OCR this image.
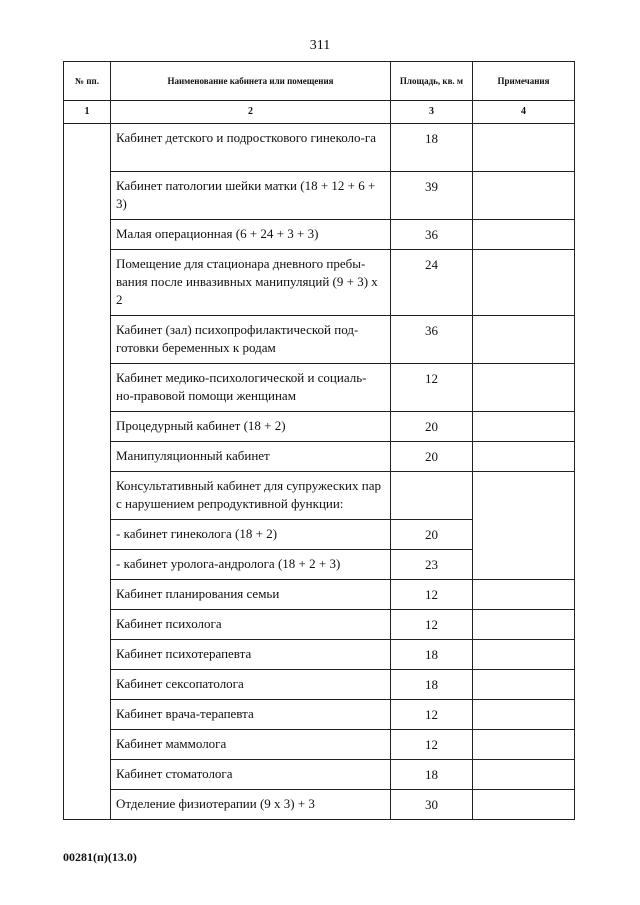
311
№ пп.	Наименование кабинета или помещения	Площадь, кв. м	Примечания
1	2	3	4
	Кабинет детского и подросткового гинеколо-га	18	
	Кабинет патологии шейки матки (18 + 12 + 6 + 3)	39	
	Малая операционная (6 + 24 + 3 + 3)	36	
	Помещение для стационара дневного пребы-вания после инвазивных манипуляций (9 + 3) х 2	24	
	Кабинет (зал) психопрофилактической под-готовки беременных к родам	36	
	Кабинет медико-психологической и социаль-но-правовой помощи женщинам	12	
	Процедурный кабинет (18 + 2)	20	
	Манипуляционный кабинет	20	
	Консультативный кабинет для супружеских пар с нарушением репродуктивной функции:		
	- кабинет гинеколога (18 + 2)	20	
	- кабинет уролога-андролога (18 + 2 + 3)	23	
	Кабинет планирования семьи	12	
	Кабинет психолога	12	
	Кабинет психотерапевта	18	
	Кабинет сексопатолога	18	
	Кабинет врача-терапевта	12	
	Кабинет маммолога	12	
	Кабинет стоматолога	18	
	Отделение физиотерапии (9 х 3) + 3	30	
00281(п)(13.0)
